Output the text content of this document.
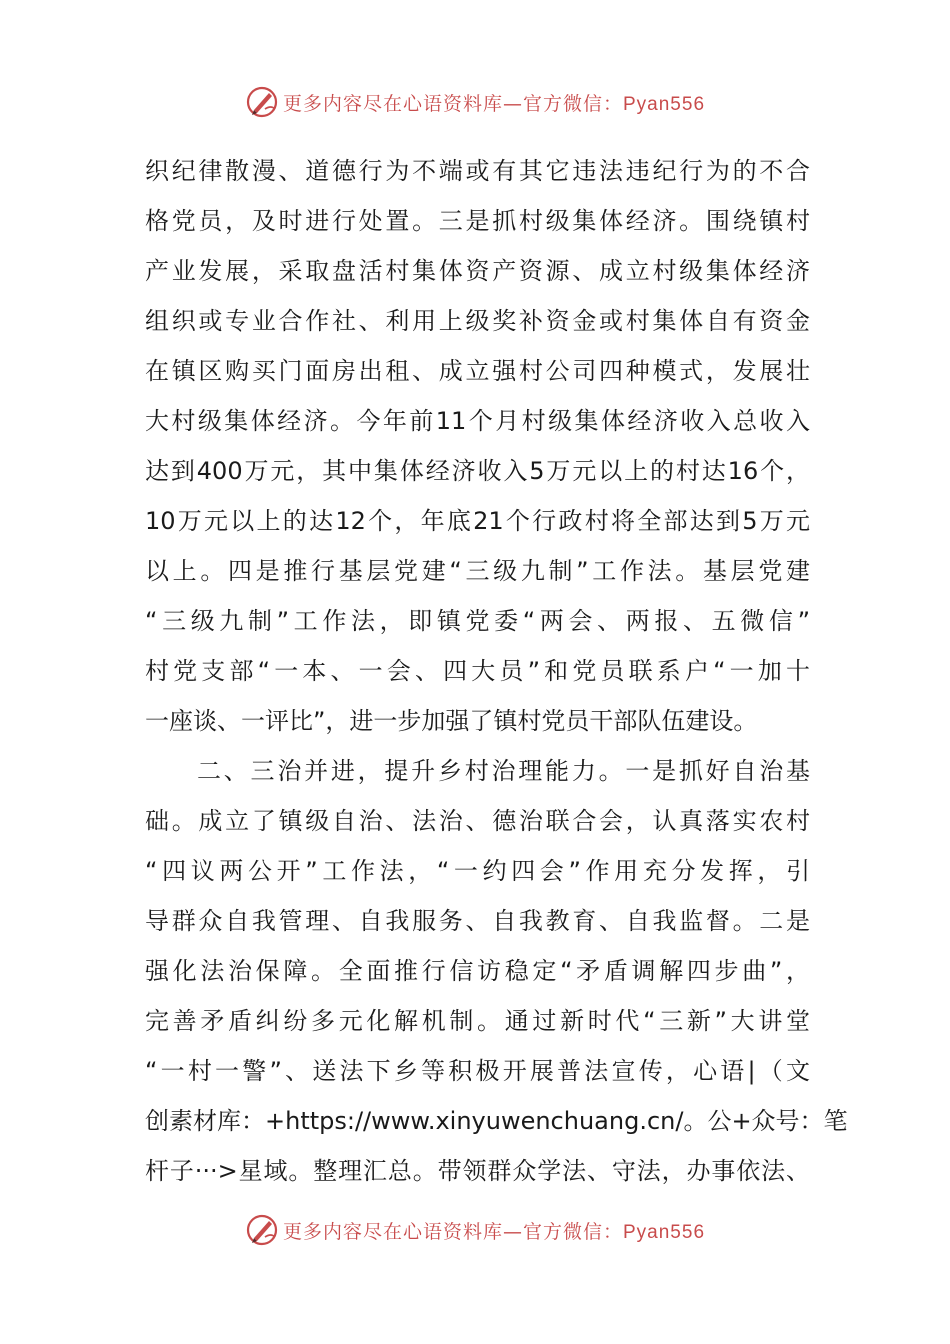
更多内容尽在心语资料库—官方微信：Pyan556
织纪律散漫、道德行为不端或有其它违法违纪行为的不合
格党员，及时进行处置。三是抓村级集体经济。围绕镇村
产业发展，采取盘活村集体资产资源、成立村级集体经济
组织或专业合作社、利用上级奖补资金或村集体自有资金
在镇区购买门面房出租、成立强村公司四种模式，发展壮
大村级集体经济。今年前11个月村级集体经济收入总收入
达到400万元，其中集体经济收入5万元以上的村达16个，
10万元以上的达12个，年底21个行政村将全部达到5万元
以上。四是推行基层党建“三级九制”工作法。基层党建
“三级九制”工作法，即镇党委“两会、两报、五微信”
村党支部“一本、一会、四大员”和党员联系户“一加十
一座谈、一评比”，进一步加强了镇村党员干部队伍建设。
二、三治并进，提升乡村治理能力。一是抓好自治基
础。成立了镇级自治、法治、德治联合会，认真落实农村
“四议两公开”工作法，“一约四会”作用充分发挥，引
导群众自我管理、自我服务、自我教育、自我监督。二是
强化法治保障。全面推行信访稳定“矛盾调解四步曲”，
完善矛盾纠纷多元化解机制。通过新时代“三新”大讲堂
“一村一警”、送法下乡等积极开展普法宣传，心语|（文
创素材库：+https://www.xinyuwenchuang.cn/。公+众号：笔
杆子···>星域。整理汇总。带领群众学法、守法，办事依法、
更多内容尽在心语资料库—官方微信：Pyan556
